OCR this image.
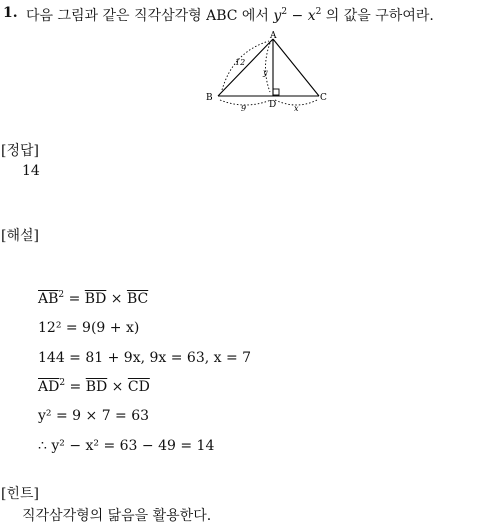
1. 다음 그림과 같은 직각삼각형 ABC 에서 $y^2 - x^2$ 의 값을 구하여라.
A
B	C
D
12
y
9	x
[정답]
14
[해설]
$\overline{AB}^2 = \overline{BD} \times \overline{BC}$
12² = 9(9 + x)
144 = 81 + 9x, 9x = 63, x = 7
$\overline{AD}^2 = \overline{BD} \times \overline{CD}$
y² = 9 × 7 = 63
∴ y² − x² = 63 − 49 = 14
[힌트]
직각삼각형의 닮음을 활용한다.
